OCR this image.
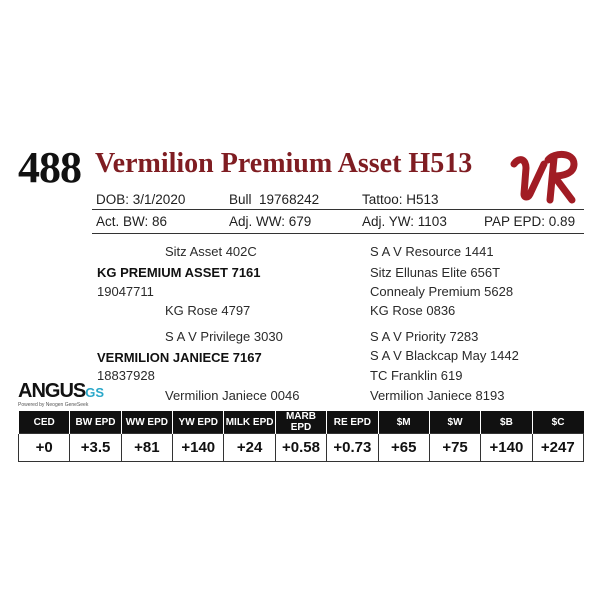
488 Vermilion Premium Asset H513
DOB: 3/1/2020	Bull 19768242	Tattoo: H513
Act. BW: 86	Adj. WW: 679	Adj. YW: 1103	PAP EPD: 0.89
Sitz Asset 402C	S A V Resource 1441
KG PREMIUM ASSET 7161	Sitz Ellunas Elite 656T
19047711	Connealy Premium 5628
KG Rose 4797	KG Rose 0836
S A V Privilege 3030	S A V Priority 7283
VERMILION JANIECE 7167	S A V Blackcap May 1442
18837928	TC Franklin 619
Vermilion Janiece 0046	Vermilion Janiece 8193
ANGUSGS
Powered by Neogen GeneSeek
CED	BW EPD	WW EPD	YW EPD	MILK EPD	MARB EPD	RE EPD	$M	$W	$B	$C
+0	+3.5	+81	+140	+24	+0.58	+0.73	+65	+75	+140	+247
